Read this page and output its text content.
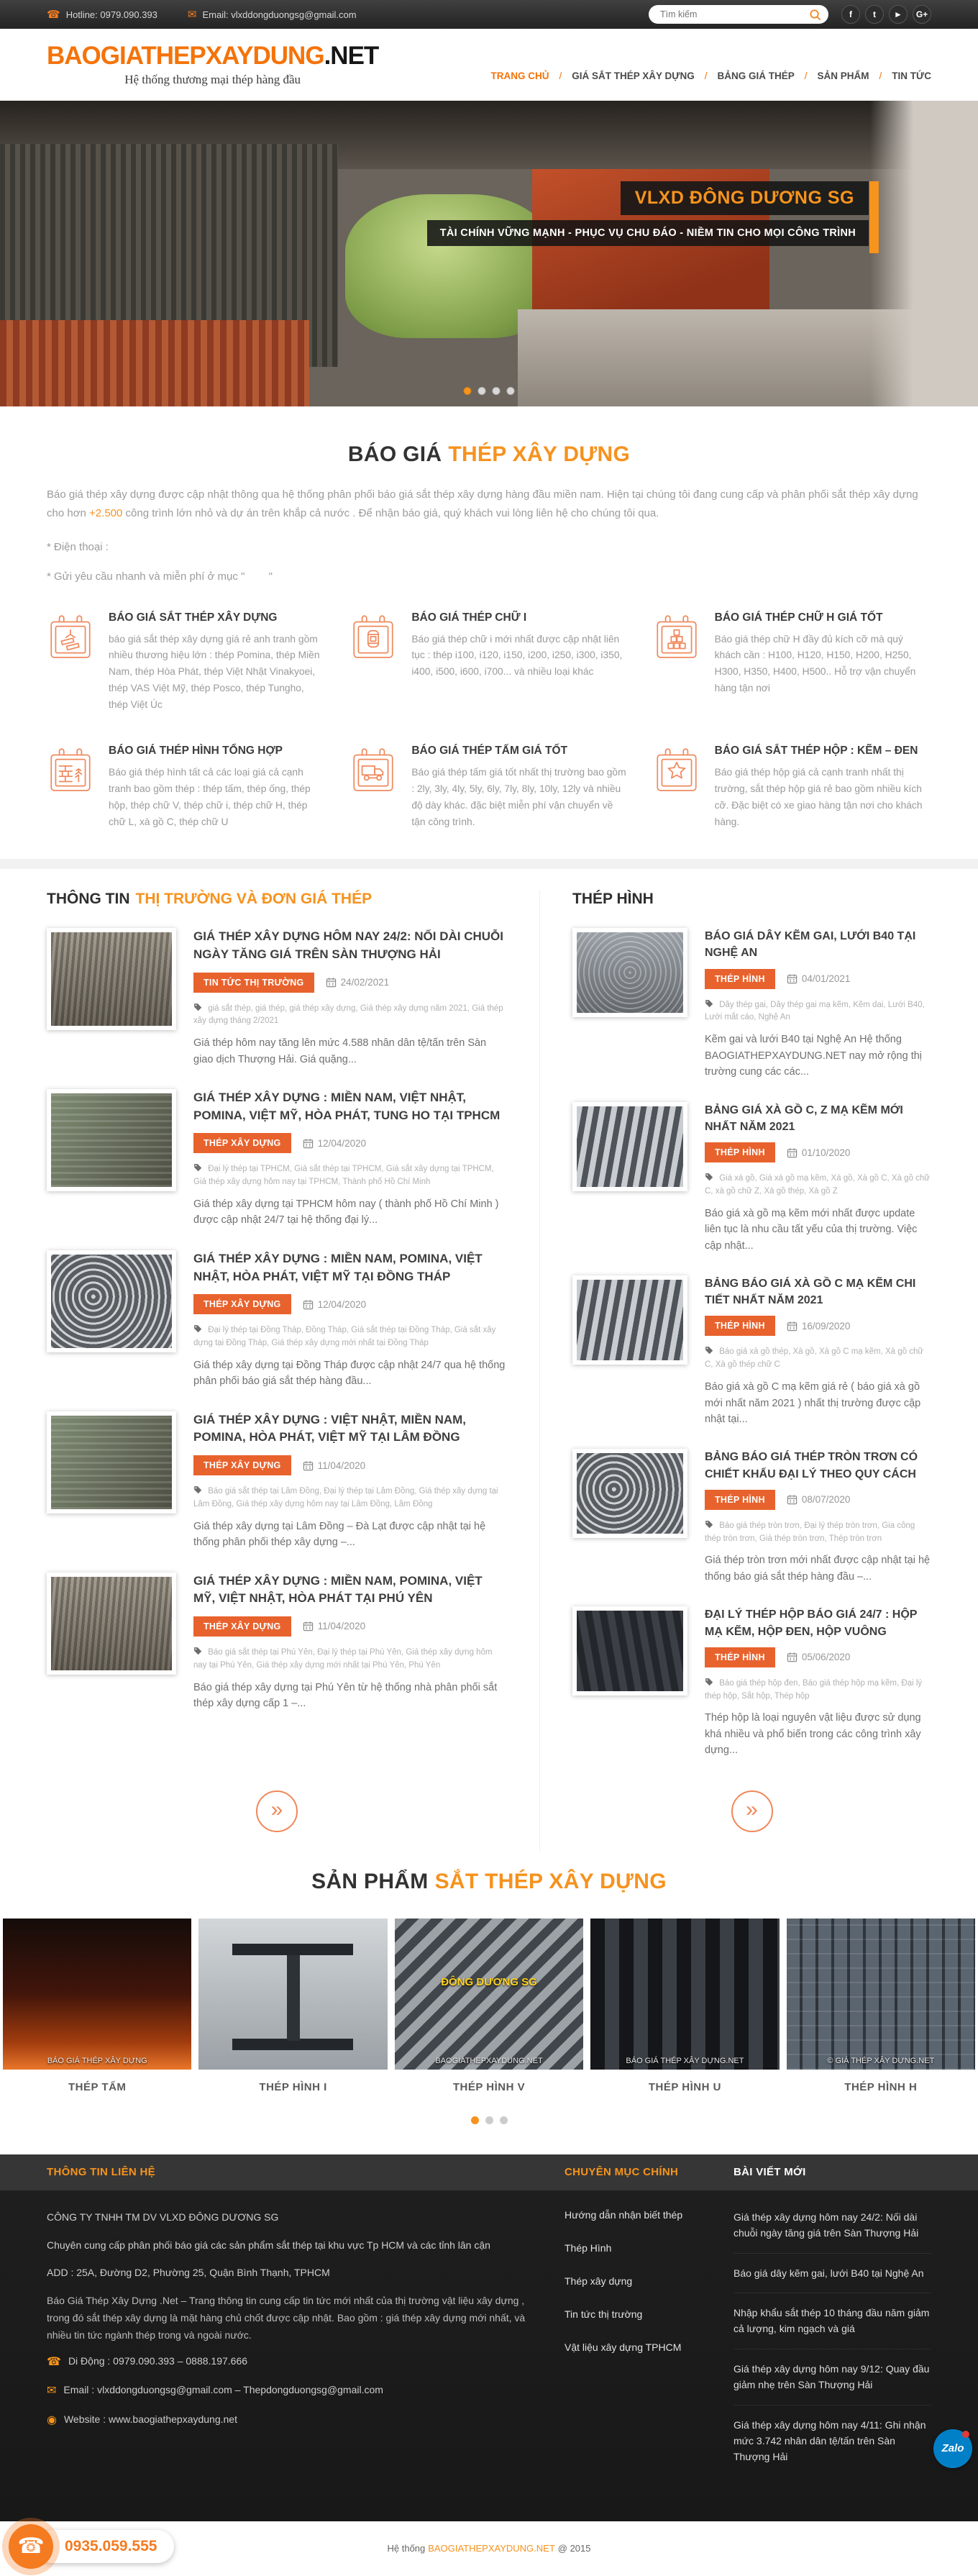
☎ Hotline: 0979.090.393	✉ Email: vlxddongduongsg@gmail.com
Tìm kiếm	f t ► G+
BAOGIATHEPXAYDUNG.NET
Hệ thống thương mại thép hàng đầu	TRANG CHỦ /	GIÁ SẮT THÉP XÂY DỰNG /	BẢNG GIÁ THÉP /	SẢN PHẨM /	TIN TỨC
VLXD ĐÔNG DƯƠNG SG
TÀI CHÍNH VỮNG MẠNH - PHỤC VỤ CHU ĐÁO - NIỀM TIN CHO MỌI CÔNG TRÌNH
BÁO GIÁ THÉP XÂY DỰNG

Báo giá thép xây dựng được cập nhật thông qua hệ thống phân phối báo giá sắt thép xây dựng hàng đầu miền nam. Hiện tại chúng tôi đang cung cấp và phân phối sắt thép xây dựng cho hơn +2.500 công trình lớn nhỏ và dự án trên khắp cả nước . Để nhận báo giá, quý khách vui lòng liên hệ cho chúng tôi qua.

* Điện thoại :

* Gửi yêu cầu nhanh và miễn phí ở mục "        "

BÁO GIÁ SẮT THÉP XÂY DỰNG

báo giá sắt thép xây dựng giá rẻ anh tranh gồm nhiều thương hiệu lớn : thép Pomina, thép Miền Nam, thép Hòa Phát, thép Việt Nhật Vinakyoei, thép VAS Việt Mỹ, thép Posco, thép Tungho, thép Việt Úc

BÁO GIÁ THÉP CHỮ I

Báo giá thép chữ i mới nhất được cập nhật liên tục : thép i100, i120, i150, i200, i250, i300, i350, i400, i500, i600, i700... và nhiều loại khác

BÁO GIÁ THÉP CHỮ H GIÁ TỐT

Báo giá thép chữ H đầy đủ kích cỡ mà quý khách cần : H100, H120, H150, H200, H250, H300, H350, H400, H500.. Hỗ trợ vận chuyển hàng tận nơi

BÁO GIÁ THÉP HÌNH TỔNG HỢP

Báo giá thép hình tất cả các loại giá cả cạnh tranh bao gồm thép : thép tấm, thép ống, thép hộp, thép chữ V, thép chữ i, thép chữ H, thép chữ L, xà gồ C, thép chữ U

BÁO GIÁ THÉP TẤM GIÁ TỐT

Báo giá thép tấm giá tốt nhất thị trường bao gồm : 2ly, 3ly, 4ly, 5ly, 6ly, 7ly, 8ly, 10ly, 12ly và nhiều độ dày khác. đặc biệt miễn phí vận chuyển về tận công trình.

BÁO GIÁ SẮT THÉP HỘP : KẼM – ĐEN

Báo giá thép hộp giá cả cạnh tranh nhất thị trường, sắt thép hộp giá rẻ bao gồm nhiều kích cỡ. Đặc biệt có xe giao hàng tận nơi cho khách hàng.

THÔNG TIN THỊ TRƯỜNG VÀ ĐƠN GIÁ THÉP
GIÁ THÉP XÂY DỰNG HÔM NAY 24/2: NỐI DÀI CHUỖI NGÀY TĂNG GIÁ TRÊN SÀN THƯỢNG HẢI
TIN TỨC THỊ TRƯỜNG	24/02/2021
giá sắt thép, giá thép, giá thép xây dựng, Giá thép xây dựng năm 2021, Giá thép xây dựng tháng 2/2021

Giá thép hôm nay tăng lên mức 4.588 nhân dân tệ/tấn trên Sàn giao dịch Thượng Hải. Giá quặng...

GIÁ THÉP XÂY DỰNG : MIỀN NAM, VIỆT NHẬT, POMINA, VIỆT MỸ, HÒA PHÁT, TUNG HO TẠI TPHCM
THÉP XÂY DỰNG	12/04/2020
Đại lý thép tại TPHCM, Giá sắt thép tại TPHCM, Giá sắt xây dựng tại TPHCM, Giá thép xây dựng hôm nay tại TPHCM, Thành phố Hồ Chí Minh

Giá thép xây dựng tại TPHCM hôm nay ( thành phố Hồ Chí Minh ) được cập nhật 24/7 tại hệ thống đại lý...

GIÁ THÉP XÂY DỰNG : MIỀN NAM, POMINA, VIỆT NHẬT, HÒA PHÁT, VIỆT MỸ TẠI ĐỒNG THÁP
THÉP XÂY DỰNG	12/04/2020
Đại lý thép tại Đồng Tháp, Đồng Tháp, Giá sắt thép tại Đồng Tháp, Giá sắt xây dựng tại Đồng Tháp, Giá thép xây dựng mới nhất tại Đồng Tháp

Giá thép xây dựng tại Đồng Tháp được cập nhật 24/7 qua hệ thống phân phối báo giá sắt thép hàng đầu...

GIÁ THÉP XÂY DỰNG : VIỆT NHẬT, MIỀN NAM, POMINA, HÒA PHÁT, VIỆT MỸ TẠI LÂM ĐỒNG
THÉP XÂY DỰNG	11/04/2020
Báo giá sắt thép tại Lâm Đồng, Đại lý thép tại Lâm Đồng, Giá thép xây dựng tại Lâm Đồng, Giá thép xây dựng hôm nay tại Lâm Đồng, Lâm Đồng

Giá thép xây dựng tại Lâm Đồng – Đà Lạt được cập nhật tại hệ thống phân phối thép xây dựng –...

GIÁ THÉP XÂY DỰNG : MIỀN NAM, POMINA, VIỆT MỸ, VIỆT NHẬT, HÒA PHÁT TẠI PHÚ YÊN
THÉP XÂY DỰNG	11/04/2020
Báo giá sắt thép tại Phú Yên, Đại lý thép tại Phú Yên, Giá thép xây dựng hôm nay tại Phú Yên, Giá thép xây dựng mới nhất tại Phú Yên, Phú Yên

Báo giá thép xây dựng tại Phú Yên từ hệ thống nhà phân phối sắt thép xây dựng cấp 1 –...

»
THÉP HÌNH
BÁO GIÁ DÂY KẼM GAI, LƯỚI B40 TẠI NGHỆ AN
THÉP HÌNH	04/01/2021
Dây thép gai, Dây thép gai mạ kẽm, Kẽm dai, Lưới B40, Lưới mắt cáo, Nghệ An

Kẽm gai và lưới B40 tại Nghệ An Hệ thống BAOGIATHEPXAYDUNG.NET nay mở rộng thị trường cung các các...

BẢNG GIÁ XÀ GỒ C, Z MẠ KẼM MỚI NHẤT NĂM 2021
THÉP HÌNH	01/10/2020
Giá xà gồ, Giá xà gồ mạ kẽm, Xà gồ, Xà gồ C, Xà gồ chữ C, xà gồ chữ Z, Xà gồ thép, Xà gồ Z

Báo giá xà gồ mạ kẽm mới nhất được update liên tục là nhu cầu tất yếu của thị trường. Việc cập nhật...

BẢNG BÁO GIÁ XÀ GỒ C MẠ KẼM CHI TIẾT NHẤT NĂM 2021
THÉP HÌNH	16/09/2020
Báo giá xà gồ thép, Xà gồ, Xà gồ C mạ kẽm, Xà gồ chữ C, Xà gồ thép chữ C

Báo giá xà gồ C mạ kẽm giá rẻ ( báo giá xà gồ mới nhất năm 2021 ) nhất thị trường được cập nhật tại...

BẢNG BÁO GIÁ THÉP TRÒN TRƠN CÓ CHIẾT KHẤU ĐẠI LÝ THEO QUY CÁCH
THÉP HÌNH	08/07/2020
Báo giá thép tròn trơn, Đại lý thép tròn trơn, Gia công thép tròn trơn, Giá thép tròn trơn, Thép tròn trơn

Giá thép tròn trơn mới nhất được cập nhật tại hệ thống báo giá sắt thép hàng đầu –...

ĐẠI LÝ THÉP HỘP BÁO GIÁ 24/7 : HỘP MẠ KẼM, HỘP ĐEN, HỘP VUÔNG
THÉP HÌNH	05/06/2020
Báo giá thép hộp đen, Báo giá thép hộp mạ kẽm, Đại lý thép hộp, Sắt hộp, Thép hộp

Thép hộp là loại nguyên vật liệu được sử dụng khá nhiều và phổ biến trong các công trình xây dựng...

»
SẢN PHẨM SẮT THÉP XÂY DỰNG
BÁO GIÁ THÉP XÂY DỰNG
THÉP TẤM	THÉP HÌNH I
ĐÔNG DƯƠNG SG
BAOGIATHEPXAYDUNG.NET
THÉP HÌNH V
BÁO GIÁ THÉP XÂY DỰNG.NET
THÉP HÌNH U
© GIÁ THÉP XÂY DỰNG.NET
THÉP HÌNH H
THÔNG TIN LIÊN HỆ	CHUYÊN MỤC CHÍNH	BÀI VIẾT MỚI

CÔNG TY TNHH TM DV VLXD ĐÔNG DƯƠNG SG

Chuyên cung cấp phân phối báo giá các sản phẩm sắt thép tại khu vực Tp HCM và các tỉnh lân cận

ADD : 25A, Đường D2, Phường 25, Quận Bình Thạnh, TPHCM

Báo Giá Thép Xây Dựng .Net – Trang thông tin cung cấp tin tức mới nhất của thị trường vật liệu xây dựng , trong đó sắt thép xây dựng là mặt hàng chủ chốt được cập nhật. Bao gồm : giá thép xây dựng mới nhất, và nhiều tin tức ngành thép trong và ngoài nước.

☎ Di Động : 0979.090.393 – 0888.197.666
✉ Email : vlxddongduongsg@gmail.com – Thepdongduongsg@gmail.com
◉ Website : www.baogiathepxaydung.net
Hướng dẫn nhận biết thép
Thép Hình
Thép xây dựng
Tin tức thị trường
Vật liệu xây dựng TPHCM
Giá thép xây dựng hôm nay 24/2: Nối dài chuỗi ngày tăng giá trên Sàn Thượng Hải
Báo giá dây kẽm gai, lưới B40 tại Nghệ An
Nhập khẩu sắt thép 10 tháng đầu năm giảm cả lượng, kim ngạch và giá
Giá thép xây dựng hôm nay 9/12: Quay đầu giảm nhẹ trên Sàn Thượng Hải
Giá thép xây dựng hôm nay 4/11: Ghi nhận mức 3.742 nhân dân tệ/tấn trên Sàn Thượng Hải
Hệ thống BAOGIATHEPXAYDUNG.NET @ 2015
☎	0935.059.555
Zalo
